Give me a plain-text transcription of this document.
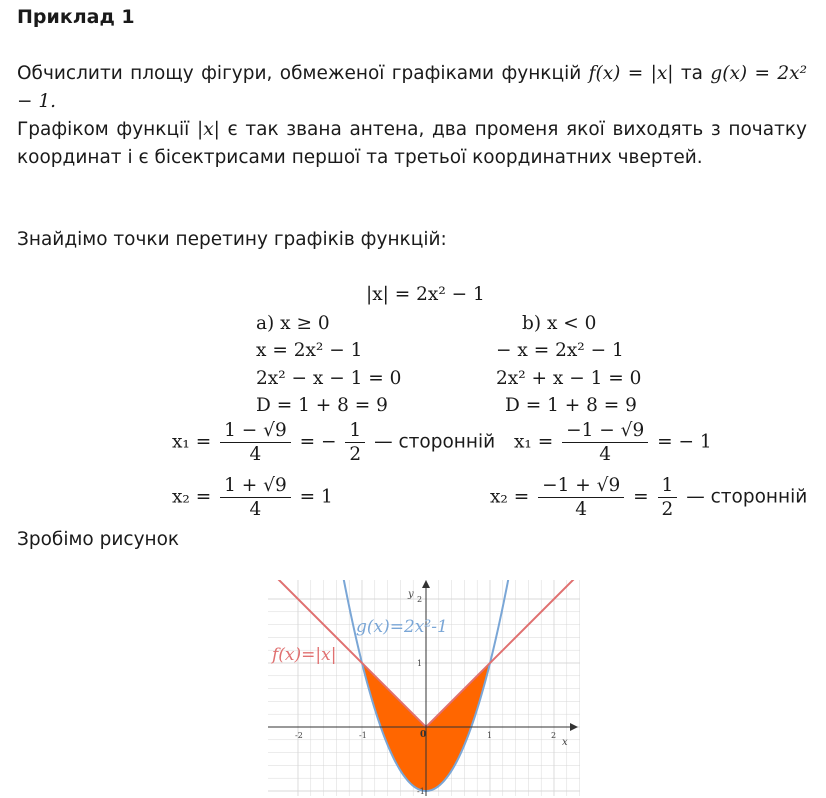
Приклад 1
Обчислити площу фігури, обмеженої графіками функцій f(x) = |x| та g(x) = 2x² − 1.
Графіком функції |x| є так звана антена, два променя якої виходять з початку координат і є бісектрисами першої та третьої координатних чвертей.
Знайдімо точки перетину графіків функцій:
|x| = 2x² − 1
a) x ≥ 0
x = 2x² − 1
2x² − x − 1 = 0
D = 1 + 8 = 9
$x_1 = \frac{1 - √9}{4}$ = − $\frac{1}{2}$ — сторонній
$x_2 = \frac{1 + √9}{4} = 1$
b) x < 0
− x = 2x² − 1
2x² + x − 1 = 0
D = 1 + 8 = 9
$x_1 = \frac{-1 - √9}{4}$ = − 1
$x_2 = \frac{-1 + √9}{4} = \frac{1}{2}$ — сторонній
Зробімо рисунок
-2	-1	1	2
2
1
-1
g(x)=2x²-1
f(x)=|x|
y
x
0
